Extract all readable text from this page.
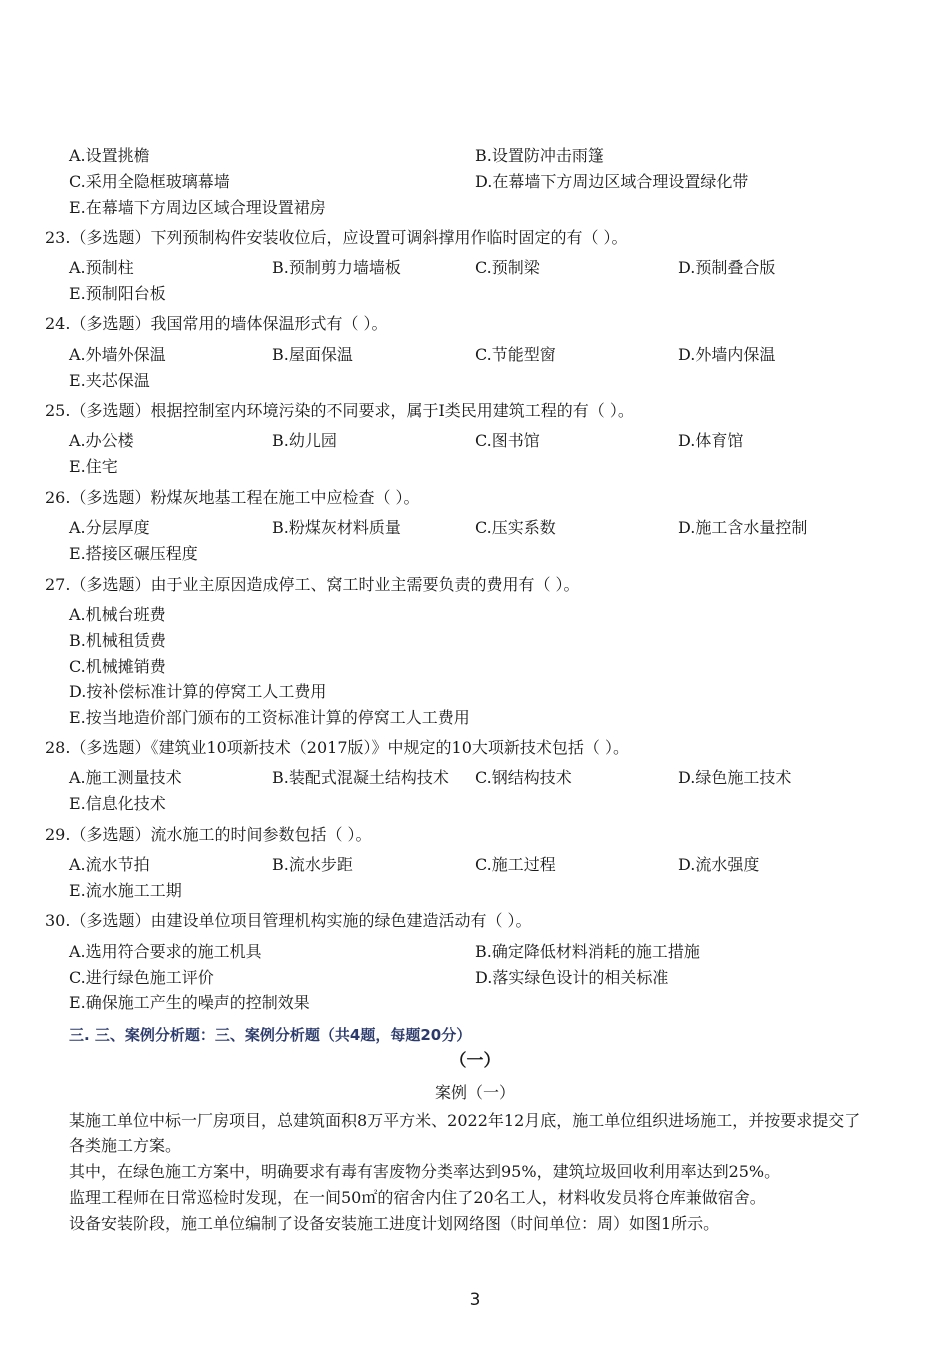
A.设置挑檐	B.设置防冲击雨篷
C.采用全隐框玻璃幕墙	D.在幕墙下方周边区域合理设置绿化带
E.在幕墙下方周边区域合理设置裙房
23.（多选题）下列预制构件安装收位后，应设置可调斜撑用作临时固定的有（ ）。
A.预制柱	B.预制剪力墙墙板	C.预制梁	D.预制叠合版
E.预制阳台板
24.（多选题）我国常用的墙体保温形式有（ ）。
A.外墙外保温	B.屋面保温	C.节能型窗	D.外墙内保温
E.夹芯保温
25.（多选题）根据控制室内环境污染的不同要求，属于I类民用建筑工程的有（ ）。
A.办公楼	B.幼儿园	C.图书馆	D.体育馆
E.住宅
26.（多选题）粉煤灰地基工程在施工中应检查（ ）。
A.分层厚度	B.粉煤灰材料质量	C.压实系数	D.施工含水量控制
E.搭接区碾压程度
27.（多选题）由于业主原因造成停工、窝工时业主需要负责的费用有（ ）。
A.机械台班费
B.机械租赁费
C.机械摊销费
D.按补偿标准计算的停窝工人工费用
E.按当地造价部门颁布的工资标准计算的停窝工人工费用
28.（多选题）《建筑业10项新技术（2017版）》中规定的10大项新技术包括（ ）。
A.施工测量技术	B.装配式混凝土结构技术 C.钢结构技术	D.绿色施工技术
E.信息化技术
29.（多选题）流水施工的时间参数包括（ ）。
A.流水节拍	B.流水步距	C.施工过程	D.流水强度
E.流水施工工期
30.（多选题）由建设单位项目管理机构实施的绿色建造活动有（ ）。
A.选用符合要求的施工机具	B.确定降低材料消耗的施工措施
C.进行绿色施工评价	D.落实绿色设计的相关标准
E.确保施工产生的噪声的控制效果
三. 三、案例分析题：三、案例分析题（共4题，每题20分）
（一）
案例（一）
某施工单位中标一厂房项目，总建筑面积8万平方米、2022年12月底，施工单位组织进场施工，并按要求提交了各类施工方案。
其中，在绿色施工方案中，明确要求有毒有害废物分类率达到95%，建筑垃圾回收利用率达到25%。
监理工程师在日常巡检时发现，在一间50㎡的宿舍内住了20名工人，材料收发员将仓库兼做宿舍。
设备安装阶段，施工单位编制了设备安装施工进度计划网络图（时间单位：周）如图1所示。
3
